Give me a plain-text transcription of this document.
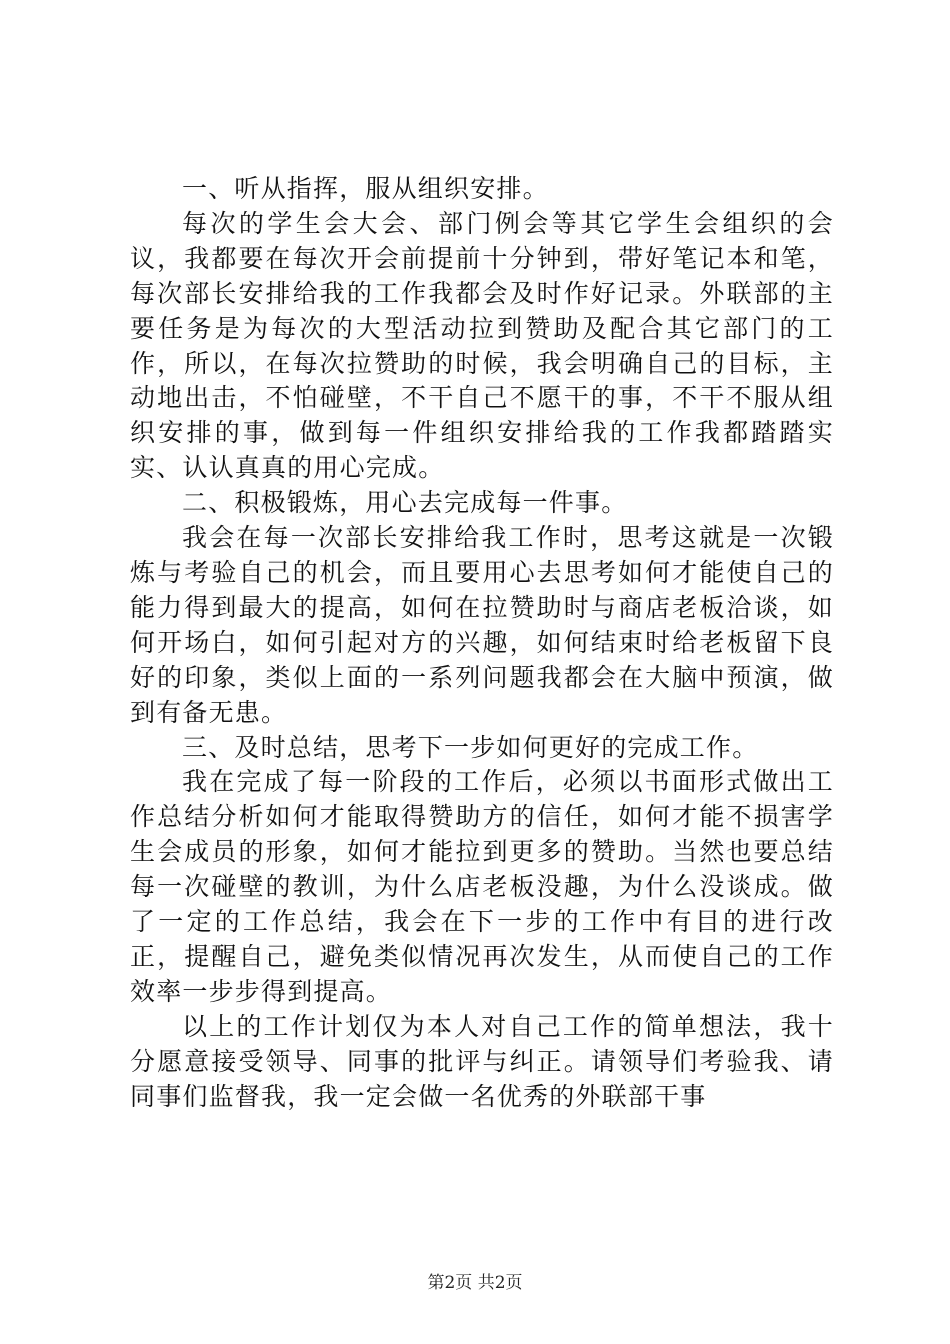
一、听从指挥，服从组织安排。

每次的学生会大会、部门例会等其它学生会组织的会议，我都要在每次开会前提前十分钟到，带好笔记本和笔，每次部长安排给我的工作我都会及时作好记录。外联部的主要任务是为每次的大型活动拉到赞助及配合其它部门的工作，所以，在每次拉赞助的时候，我会明确自己的目标，主动地出击，不怕碰壁，不干自己不愿干的事，不干不服从组织安排的事，做到每一件组织安排给我的工作我都踏踏实实、认认真真的用心完成。

二、积极锻炼，用心去完成每一件事。

我会在每一次部长安排给我工作时，思考这就是一次锻炼与考验自己的机会，而且要用心去思考如何才能使自己的能力得到最大的提高，如何在拉赞助时与商店老板洽谈，如何开场白，如何引起对方的兴趣，如何结束时给老板留下良好的印象，类似上面的一系列问题我都会在大脑中预演，做到有备无患。

三、及时总结，思考下一步如何更好的完成工作。

我在完成了每一阶段的工作后，必须以书面形式做出工作总结分析如何才能取得赞助方的信任，如何才能不损害学生会成员的形象，如何才能拉到更多的赞助。当然也要总结每一次碰壁的教训，为什么店老板没趣，为什么没谈成。做了一定的工作总结，我会在下一步的工作中有目的进行改正，提醒自己，避免类似情况再次发生，从而使自己的工作效率一步步得到提高。

以上的工作计划仅为本人对自己工作的简单想法，我十分愿意接受领导、同事的批评与纠正。请领导们考验我、请同事们监督我，我一定会做一名优秀的外联部干事

第2页 共2页
